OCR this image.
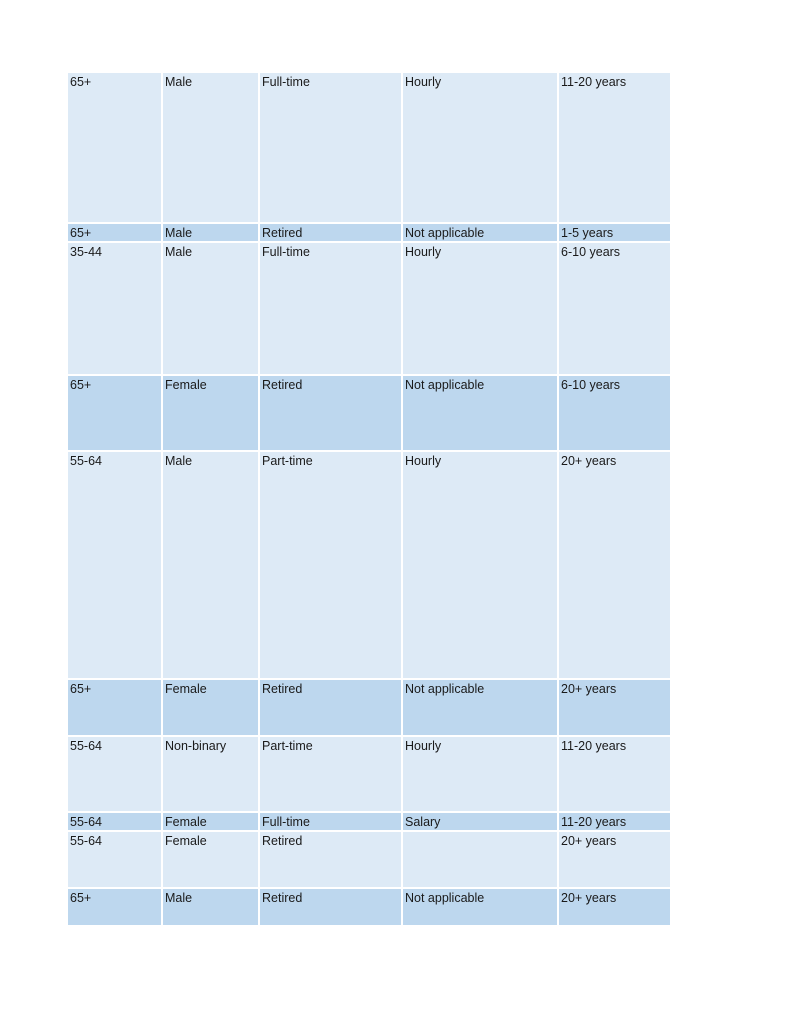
65+	Male	Full-time	Hourly	11-20 years
65+	Male	Retired	Not applicable	1-5 years
35-44	Male	Full-time	Hourly	6-10 years
65+	Female	Retired	Not applicable	6-10 years
55-64	Male	Part-time	Hourly	20+ years
65+	Female	Retired	Not applicable	20+ years
55-64	Non-binary	Part-time	Hourly	11-20 years
55-64	Female	Full-time	Salary	11-20 years
55-64	Female	Retired		20+ years
65+	Male	Retired	Not applicable	20+ years
